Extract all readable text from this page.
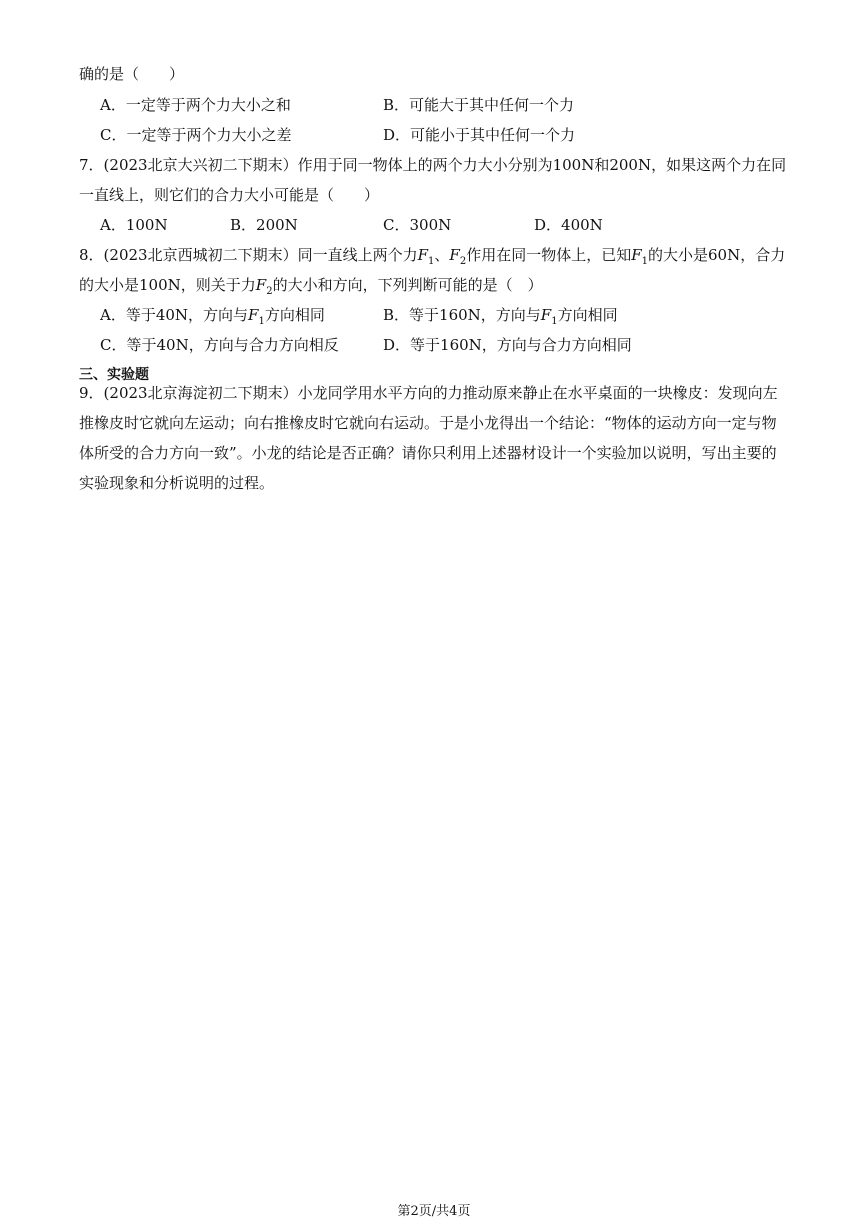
确的是（　　）
A．一定等于两个力大小之和	B．可能大于其中任何一个力
C．一定等于两个力大小之差	D．可能小于其中任何一个力
7．(2023北京大兴初二下期末）作用于同一物体上的两个力大小分别为100N和200N，如果这两个力在同
一直线上，则它们的合力大小可能是（　　）
A．100N	B．200N	C．300N	D．400N
8．(2023北京西城初二下期末）同一直线上两个力$F_1$、$F_2$作用在同一物体上，已知$F_1$的大小是60N，合力
的大小是100N，则关于力$F_2$的大小和方向，下列判断可能的是（　）
A．等于40N，方向与$F_1$方向相同	B．等于160N，方向与$F_1$方向相同
C．等于40N，方向与合力方向相反	D．等于160N，方向与合力方向相同
三、实验题
9．(2023北京海淀初二下期末）小龙同学用水平方向的力推动原来静止在水平桌面的一块橡皮：发现向左
推橡皮时它就向左运动；向右推橡皮时它就向右运动。于是小龙得出一个结论：“物体的运动方向一定与物
体所受的合力方向一致”。小龙的结论是否正确？请你只利用上述器材设计一个实验加以说明，写出主要的
实验现象和分析说明的过程。
第2页/共4页
